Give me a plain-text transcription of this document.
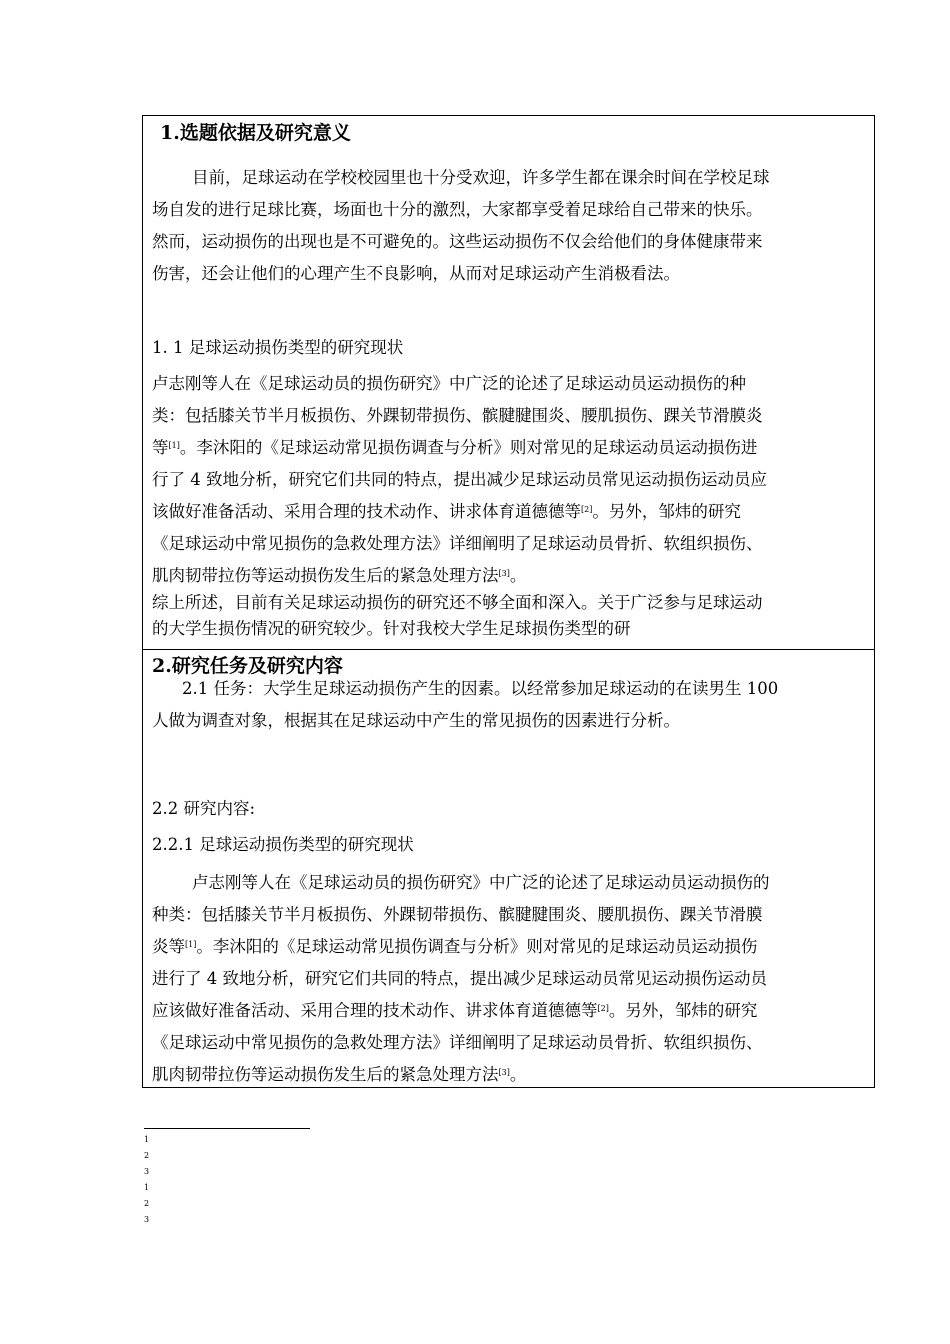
1.选题依据及研究意义

目前，足球运动在学校校园里也十分受欢迎，许多学生都在课余时间在学校足球
场自发的进行足球比赛，场面也十分的激烈，大家都享受着足球给自己带来的快乐。
然而，运动损伤的出现也是不可避免的。这些运动损伤不仅会给他们的身体健康带来
伤害，还会让他们的心理产生不良影响，从而对足球运动产生消极看法。

1. 1 足球运动损伤类型的研究现状

卢志刚等人在《足球运动员的损伤研究》中广泛的论述了足球运动员运动损伤的种
类：包括膝关节半月板损伤、外踝韧带损伤、髌腱腱围炎、腰肌损伤、踝关节滑膜炎
等[1]。李沐阳的《足球运动常见损伤调查与分析》则对常见的足球运动员运动损伤进
行了 4 致地分析，研究它们共同的特点，提出减少足球运动员常见运动损伤运动员应
该做好准备活动、采用合理的技术动作、讲求体育道德德等[2]。另外，邹炜的研究
《足球运动中常见损伤的急救处理方法》详细阐明了足球运动员骨折、软组织损伤、
肌肉韧带拉伤等运动损伤发生后的紧急处理方法[3]。
综上所述，目前有关足球运动损伤的研究还不够全面和深入。关于广泛参与足球运动
的大学生损伤情况的研究较少。针对我校大学生足球损伤类型的研

2.研究任务及研究内容

2.1 任务：大学生足球运动损伤产生的因素。以经常参加足球运动的在读男生 100
人做为调查对象，根据其在足球运动中产生的常见损伤的因素进行分析。

2.2 研究内容:

2.2.1 足球运动损伤类型的研究现状

卢志刚等人在《足球运动员的损伤研究》中广泛的论述了足球运动员运动损伤的
种类：包括膝关节半月板损伤、外踝韧带损伤、髌腱腱围炎、腰肌损伤、踝关节滑膜
炎等[1]。李沐阳的《足球运动常见损伤调查与分析》则对常见的足球运动员运动损伤
进行了 4 致地分析，研究它们共同的特点，提出减少足球运动员常见运动损伤运动员
应该做好准备活动、采用合理的技术动作、讲求体育道德德等[2]。另外，邹炜的研究
《足球运动中常见损伤的急救处理方法》详细阐明了足球运动员骨折、软组织损伤、
肌肉韧带拉伤等运动损伤发生后的紧急处理方法[3]。

1

2

3

1

2

3
